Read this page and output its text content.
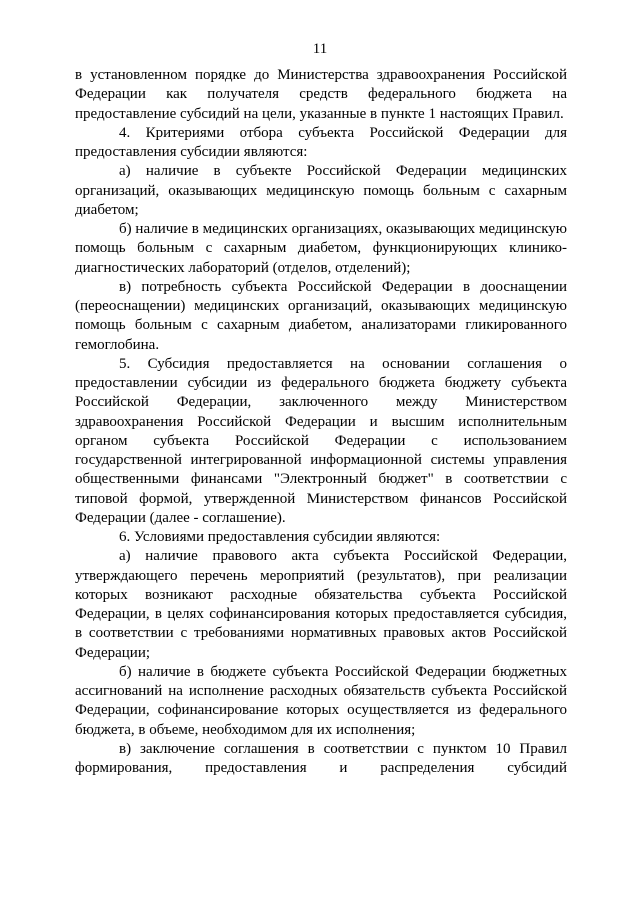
11

в установленном порядке до Министерства здравоохранения Российской Федерации как получателя средств федерального бюджета на предоставление субсидий на цели, указанные в пункте 1 настоящих Правил.

4. Критериями отбора субъекта Российской Федерации для предоставления субсидии являются:

а) наличие в субъекте Российской Федерации медицинских организаций, оказывающих медицинскую помощь больным с сахарным диабетом;

б) наличие в медицинских организациях, оказывающих медицинскую помощь больным с сахарным диабетом, функционирующих клинико-диагностических лабораторий (отделов, отделений);

в) потребность субъекта Российской Федерации в дооснащении (переоснащении) медицинских организаций, оказывающих медицинскую помощь больным с сахарным диабетом, анализаторами гликированного гемоглобина.

5. Субсидия предоставляется на основании соглашения о предоставлении субсидии из федерального бюджета бюджету субъекта Российской Федерации, заключенного между Министерством здравоохранения Российской Федерации и высшим исполнительным органом субъекта Российской Федерации с использованием государственной интегрированной информационной системы управления общественными финансами "Электронный бюджет" в соответствии с типовой формой, утвержденной Министерством финансов Российской Федерации (далее - соглашение).

6. Условиями предоставления субсидии являются:

а) наличие правового акта субъекта Российской Федерации, утверждающего перечень мероприятий (результатов), при реализации которых возникают расходные обязательства субъекта Российской Федерации, в целях софинансирования которых предоставляется субсидия, в соответствии с требованиями нормативных правовых актов Российской Федерации;

б) наличие в бюджете субъекта Российской Федерации бюджетных ассигнований на исполнение расходных обязательств субъекта Российской Федерации, софинансирование которых осуществляется из федерального бюджета, в объеме, необходимом для их исполнения;

в) заключение соглашения в соответствии с пунктом 10 Правил формирования, предоставления и распределения субсидий
